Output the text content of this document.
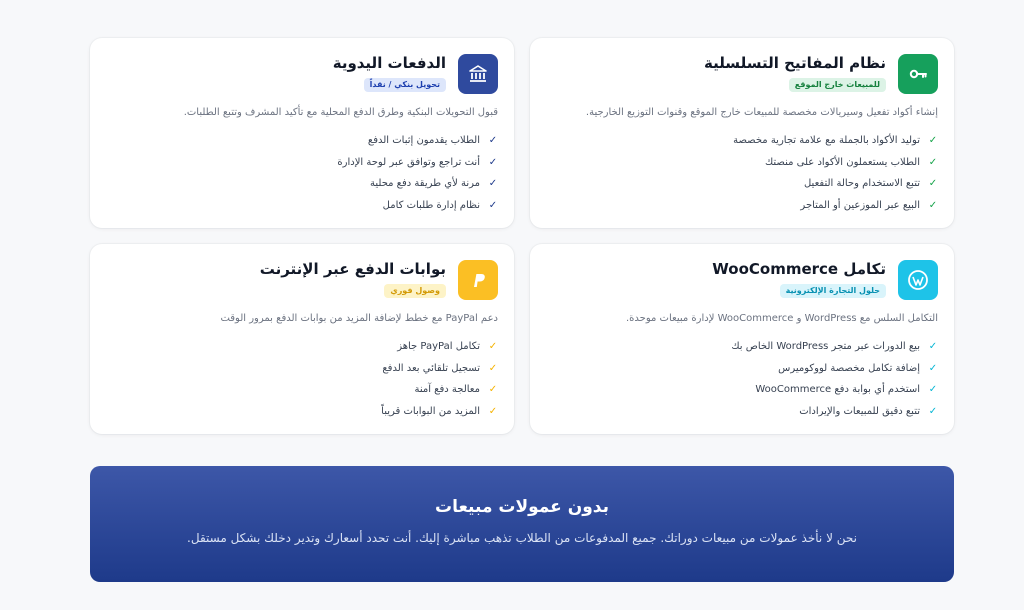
نظام المفاتيح التسلسلية
للمبيعات خارج الموقع
إنشاء أكواد تفعيل وسيريالات مخصصة للمبيعات خارج الموقع وقنوات التوزيع الخارجية.
✓
توليد الأكواد بالجملة مع علامة تجارية مخصصة
✓
الطلاب يستعملون الأكواد على منصتك
✓
تتبع الاستخدام وحالة التفعيل
✓
البيع عبر الموزعين أو المتاجر
الدفعات اليدوية
تحويل بنكي / نقداً
قبول التحويلات البنكية وطرق الدفع المحلية مع تأكيد المشرف وتتبع الطلبات.
✓
الطلاب يقدمون إثبات الدفع
✓
أنت تراجع وتوافق عبر لوحة الإدارة
✓
مرنة لأي طريقة دفع محلية
✓
نظام إدارة طلبات كامل
تكامل WooCommerce
حلول التجارة الإلكترونية
التكامل السلس مع WordPress و WooCommerce لإدارة مبيعات موحدة.
✓
بيع الدورات عبر متجر WordPress الخاص بك
✓
إضافة تكامل مخصصة لووكوميرس
✓
استخدم أي بوابة دفع WooCommerce
✓
تتبع دقيق للمبيعات والإيرادات
بوابات الدفع عبر الإنترنت
وصول فوري
دعم PayPal مع خطط لإضافة المزيد من بوابات الدفع بمرور الوقت
✓
تكامل PayPal جاهز
✓
تسجيل تلقائي بعد الدفع
✓
معالجة دفع آمنة
✓
المزيد من البوابات قريباً
بدون عمولات مبيعات

نحن لا نأخذ عمولات من مبيعات دوراتك. جميع المدفوعات من الطلاب تذهب مباشرة إليك. أنت تحدد أسعارك وتدير دخلك بشكل مستقل.
